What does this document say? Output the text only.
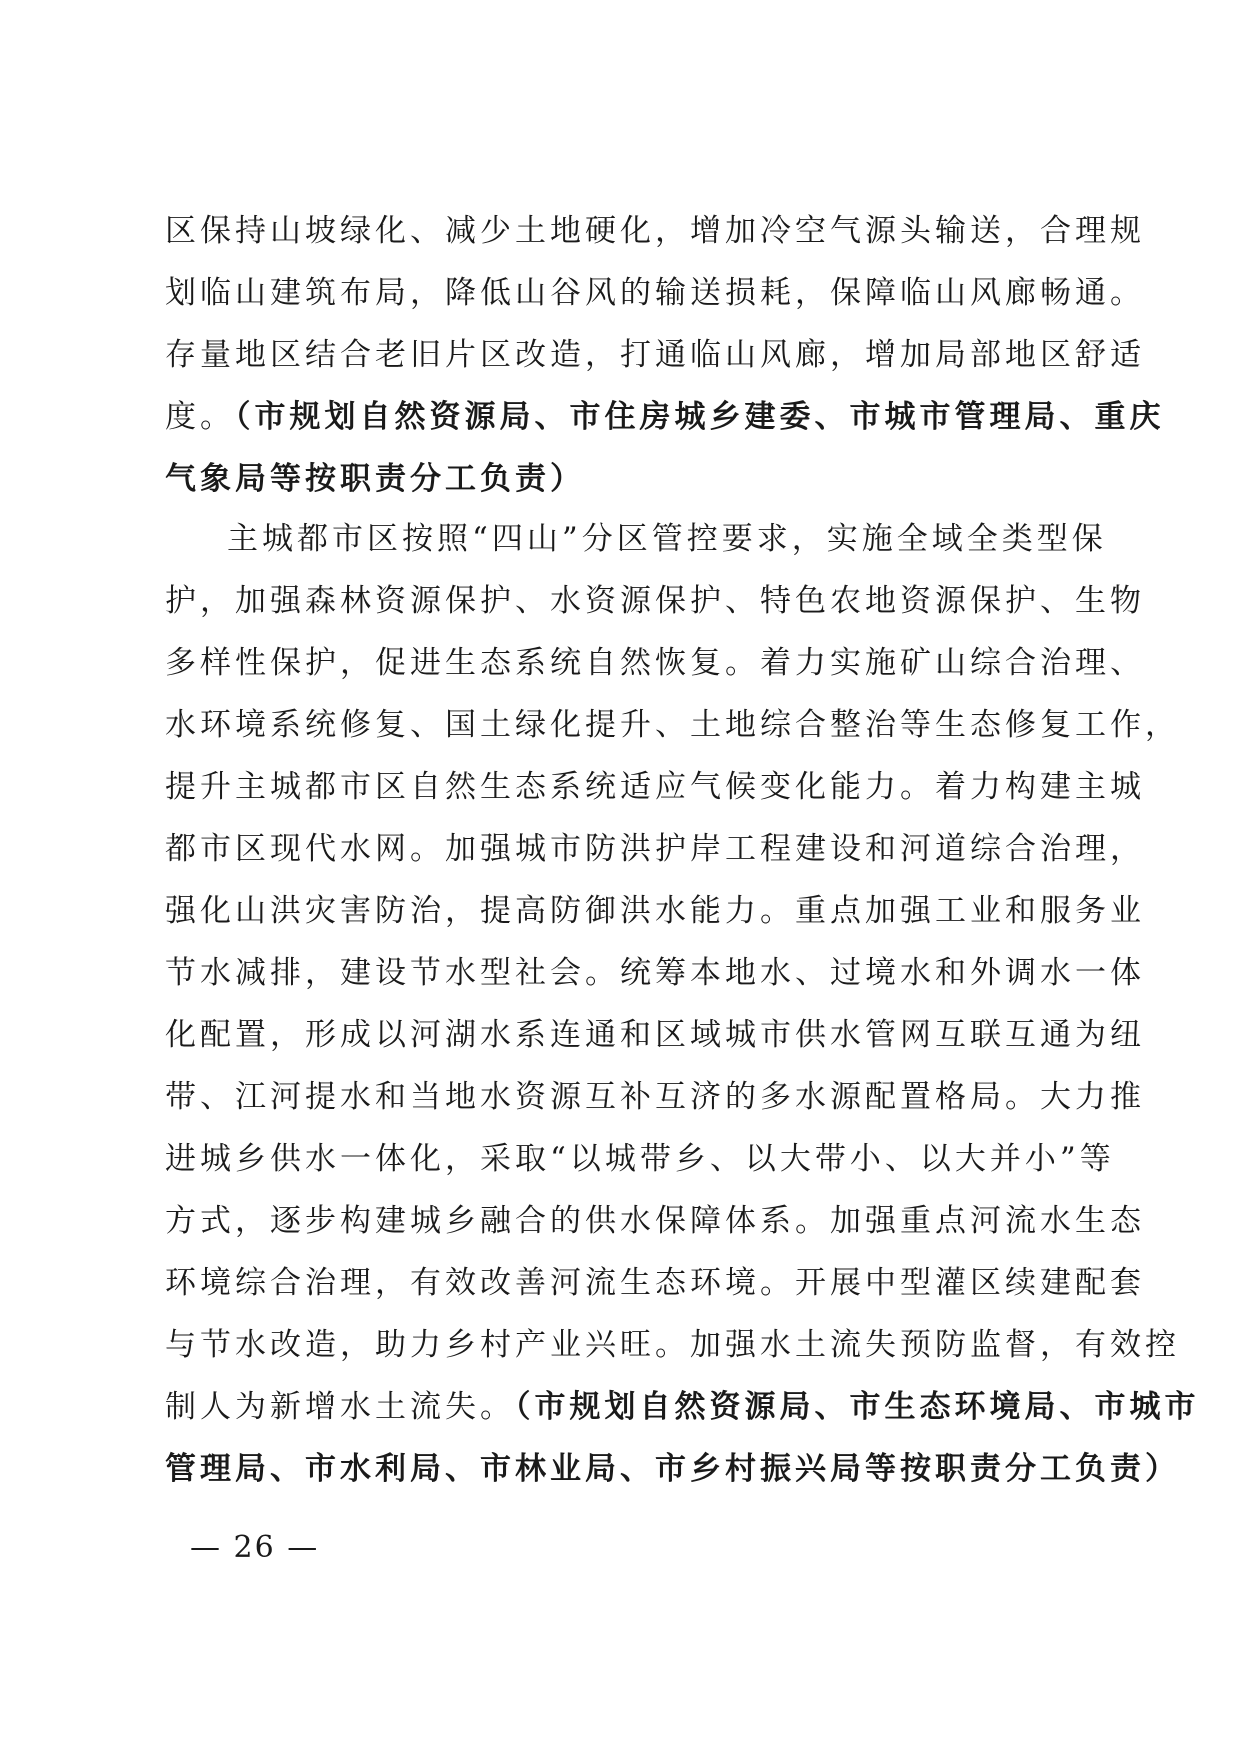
区保持山坡绿化、减少土地硬化，增加冷空气源头输送，合理规
划临山建筑布局，降低山谷风的输送损耗，保障临山风廊畅通。
存量地区结合老旧片区改造，打通临山风廊，增加局部地区舒适
度。（市规划自然资源局、市住房城乡建委、市城市管理局、重庆
气象局等按职责分工负责）
主城都市区按照“四山”分区管控要求，实施全域全类型保
护，加强森林资源保护、水资源保护、特色农地资源保护、生物
多样性保护，促进生态系统自然恢复。着力实施矿山综合治理、
水环境系统修复、国土绿化提升、土地综合整治等生态修复工作，
提升主城都市区自然生态系统适应气候变化能力。着力构建主城
都市区现代水网。加强城市防洪护岸工程建设和河道综合治理，
强化山洪灾害防治，提高防御洪水能力。重点加强工业和服务业
节水减排，建设节水型社会。统筹本地水、过境水和外调水一体
化配置，形成以河湖水系连通和区域城市供水管网互联互通为纽
带、江河提水和当地水资源互补互济的多水源配置格局。大力推
进城乡供水一体化，采取“以城带乡、以大带小、以大并小”等
方式，逐步构建城乡融合的供水保障体系。加强重点河流水生态
环境综合治理，有效改善河流生态环境。开展中型灌区续建配套
与节水改造，助力乡村产业兴旺。加强水土流失预防监督，有效控
制人为新增水土流失。（市规划自然资源局、市生态环境局、市城市
管理局、市水利局、市林业局、市乡村振兴局等按职责分工负责）
— 26 —
